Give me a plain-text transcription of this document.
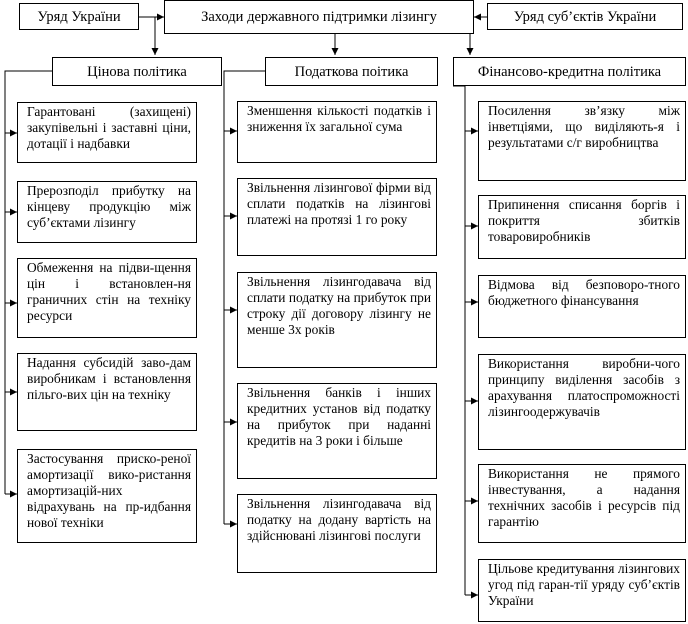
Уряд України	Заходи державного підтримки лізингу	Уряд суб’єктів України
Цінова політика	Податкова поітика	Фінансово-кредитна політика
Гарантовані (захищені) закупівельні і заставні ціни, дотації і надбавки
Прерозподіл прибутку на кінцеву продукцію між суб’єктами лізингу
Обмеження на підви-щення цін і встановлен-ня граничних стін на техніку ресурси
Надання субсидій заво-дам виробникам і встановлення пільго-вих цін на техніку
Застосування приско-реної амортизації вико-ристання амортизацій-них відрахувань на пр-идбання нової техніки
Зменшення кількості податків і зниження їх загальної сума
Звільнення лізингової фірми від сплати податків на лізингові платежі на протязі 1 го року
Звільнення лізингодавача від сплати податку на прибуток при строку дії договору лізингу не менше 3х років
Звільнення банків і інших кредитних установ від податку на прибуток при наданні кредитів на 3 роки і більше
Звільнення лізингодавача від податку на додану вартість на здійснювані лізингові послуги
Посилення зв’язку між інветціями, що виділяють-я і результатами с/г виробництва
Припинення списання боргів і покриття збитків товаровиробників
Відмова від безповоро-тного бюджетного фінансування
Використання виробни-чого принципу виділення засобів з арахування платоспроможності лізингоодержувачів
Використання не прямого інвестування, а надання технічних засобів і ресурсів під гарантію
Цільове кредитування лізингових угод під гаран-тії уряду суб’єктів України
